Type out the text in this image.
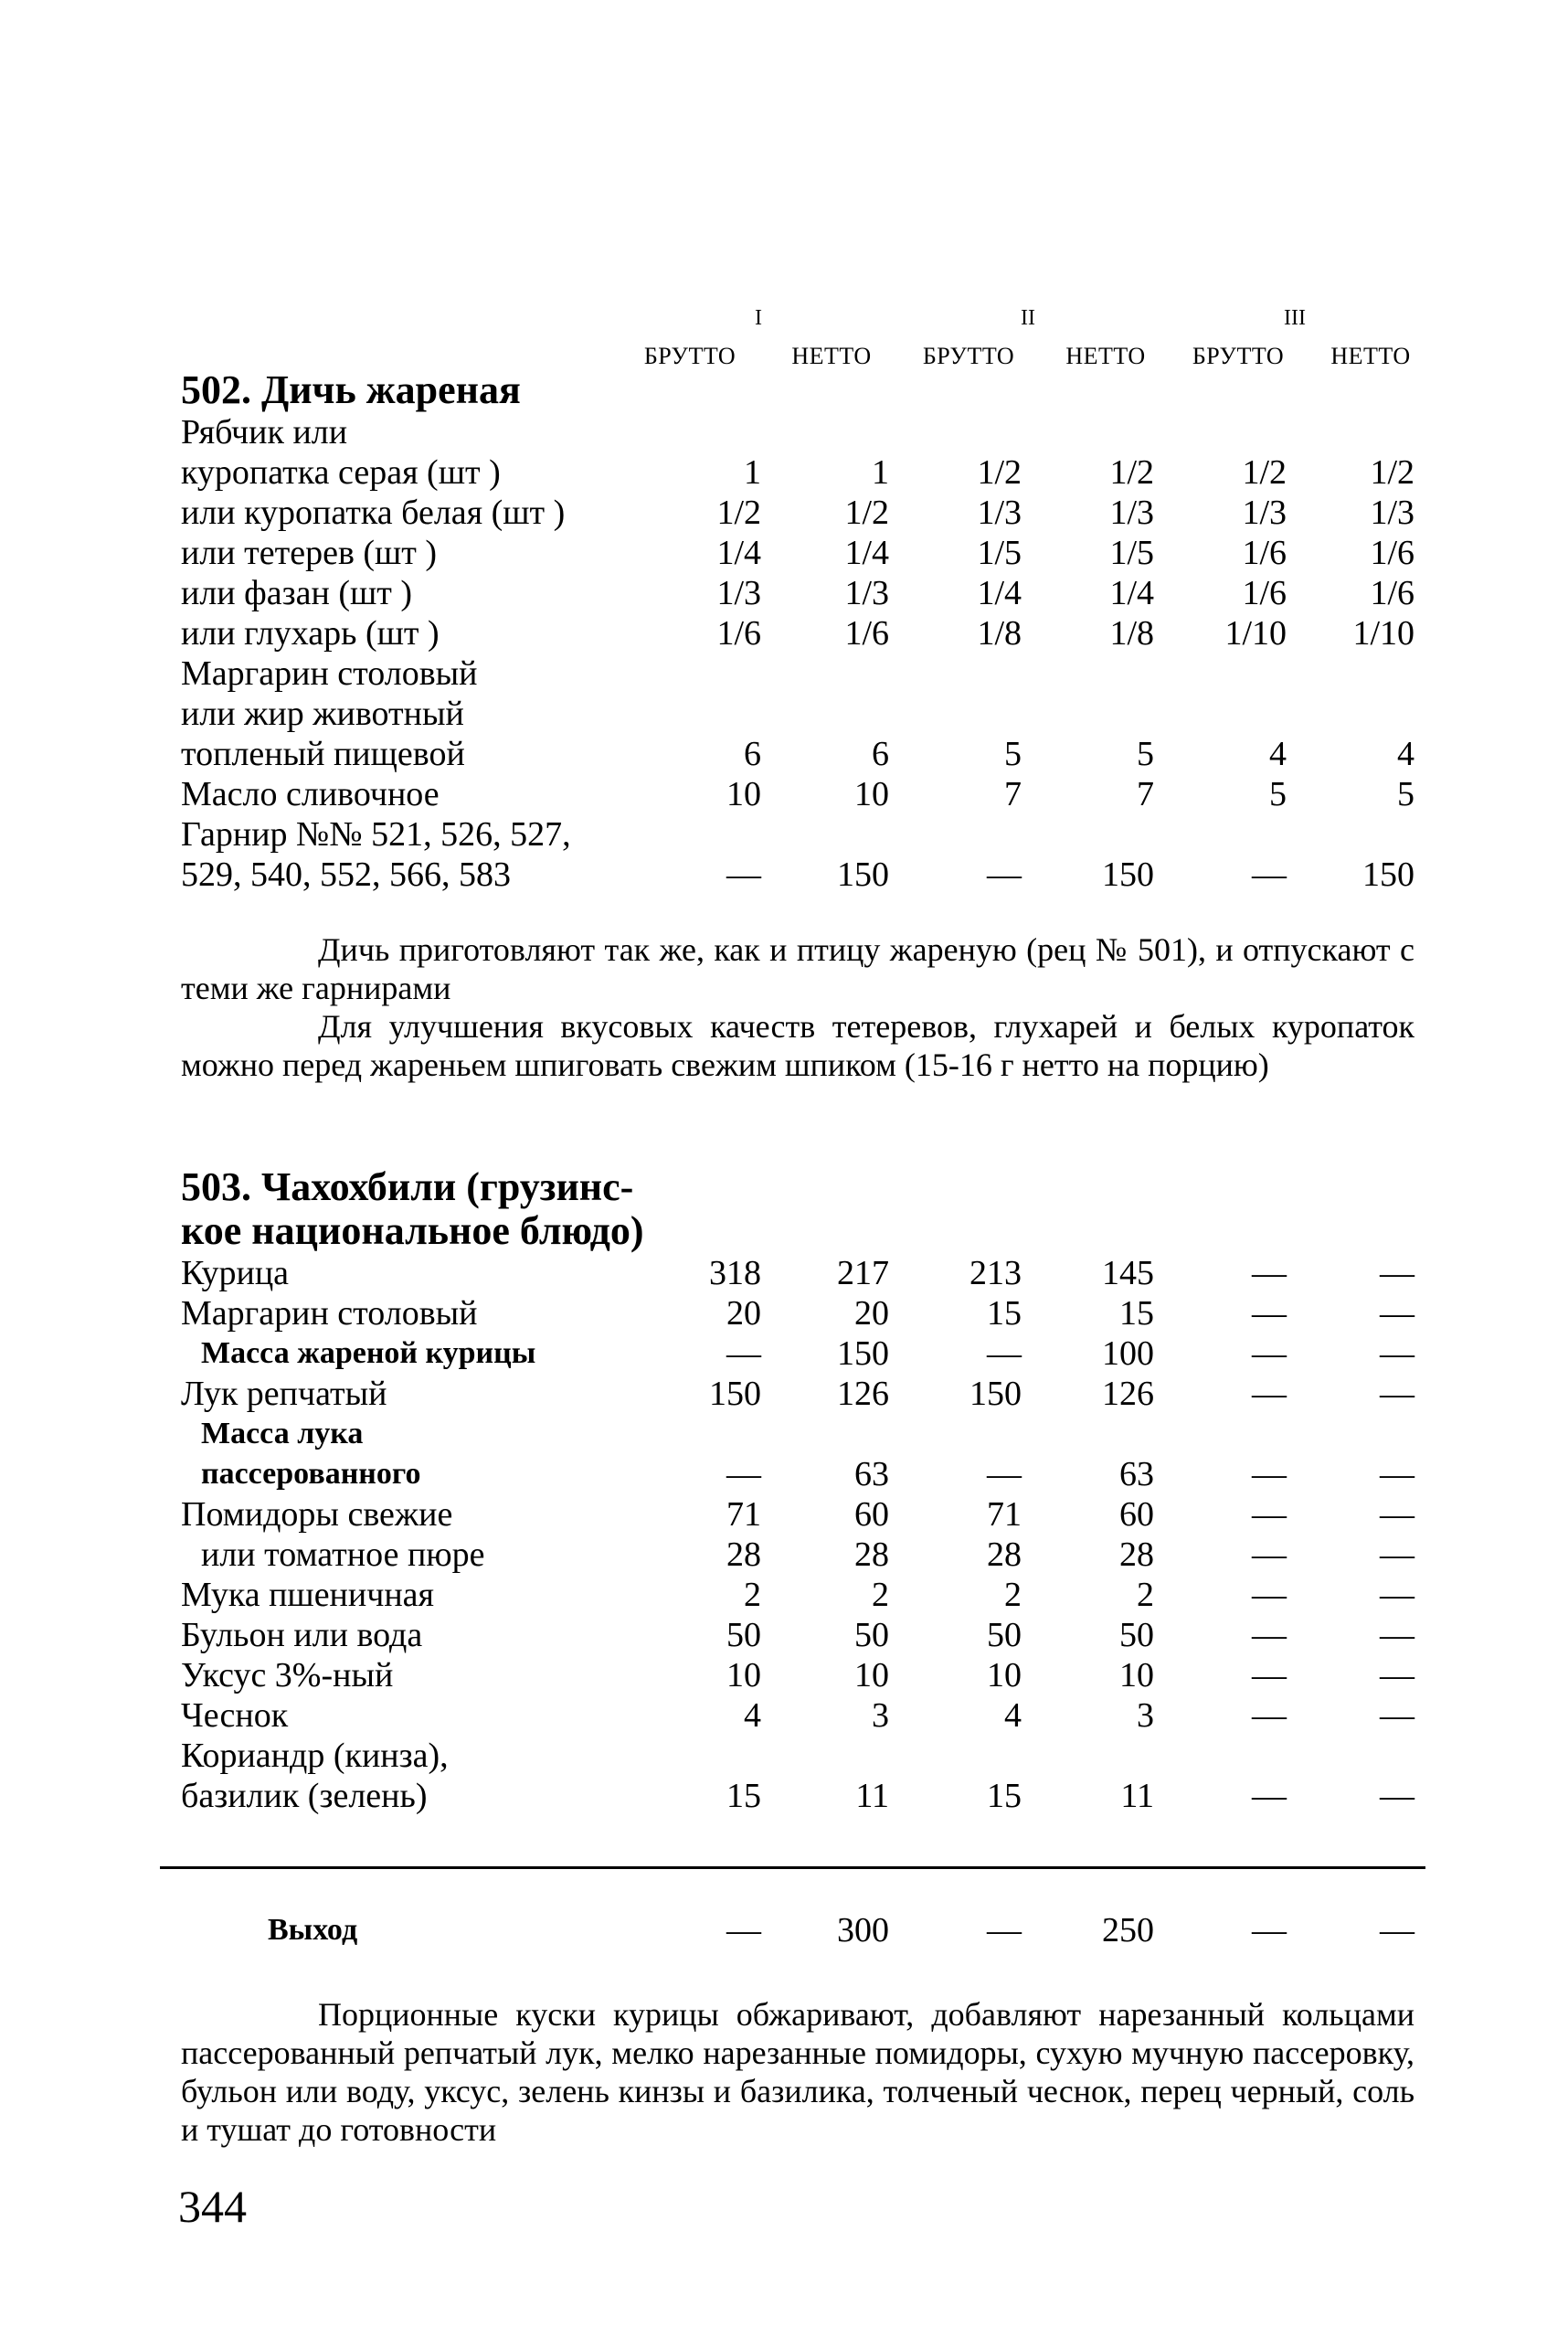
I	II	III
БРУТТО	НЕТТО	БРУТТО	НЕТТО	БРУТТО	НЕТТО
502. Дичь жареная
Рябчик или
куропатка серая (шт )	1	1	1/2	1/2	1/2	1/2
или куропатка белая (шт )	1/2	1/2	1/3	1/3	1/3	1/3
или тетерев (шт )	1/4	1/4	1/5	1/5	1/6	1/6
или фазан (шт )	1/3	1/3	1/4	1/4	1/6	1/6
или глухарь (шт )	1/6	1/6	1/8	1/8	1/10	1/10
Маргарин столовый
или жир животный
топленый пищевой	6	6	5	5	4	4
Масло сливочное	10	10	7	7	5	5
Гарнир №№ 521, 526, 527,
529, 540, 552, 566, 583	—	150	—	150	—	150

Дичь приготовляют так же, как и птицу жареную (рец № 501), и отпускают с теми же гарнирами

Для улучшения вкусовых качеств тетеревов, глухарей и белых куропаток можно перед жареньем шпиговать свежим шпиком (15-16 г нетто на порцию)

503. Чахохбили (грузинс-
кое национальное блюдо)
Курица	318	217	213	145	—	—
Маргарин столовый	20	20	15	15	—	—
Масса жареной курицы	—	150	—	100	—	—
Лук репчатый	150	126	150	126	—	—
Масса лука
пассерованного	—	63	—	63	—	—
Помидоры свежие	71	60	71	60	—	—
или томатное пюре	28	28	28	28	—	—
Мука пшеничная	2	2	2	2	—	—
Бульон или вода	50	50	50	50	—	—
Уксус 3%-ный	10	10	10	10	—	—
Чеснок	4	3	4	3	—	—
Кориандр (кинза),
базилик (зелень)	15	11	15	11	—	—
Выход	—	300	—	250	—	—

Порционные куски курицы обжаривают, добавляют нарезанный кольцами пассерованный репчатый лук, мелко нарезанные помидоры, сухую мучную пассеровку, бульон или воду, уксус, зелень кинзы и базилика, толченый чеснок, перец черный, соль и тушат до готовности

344
